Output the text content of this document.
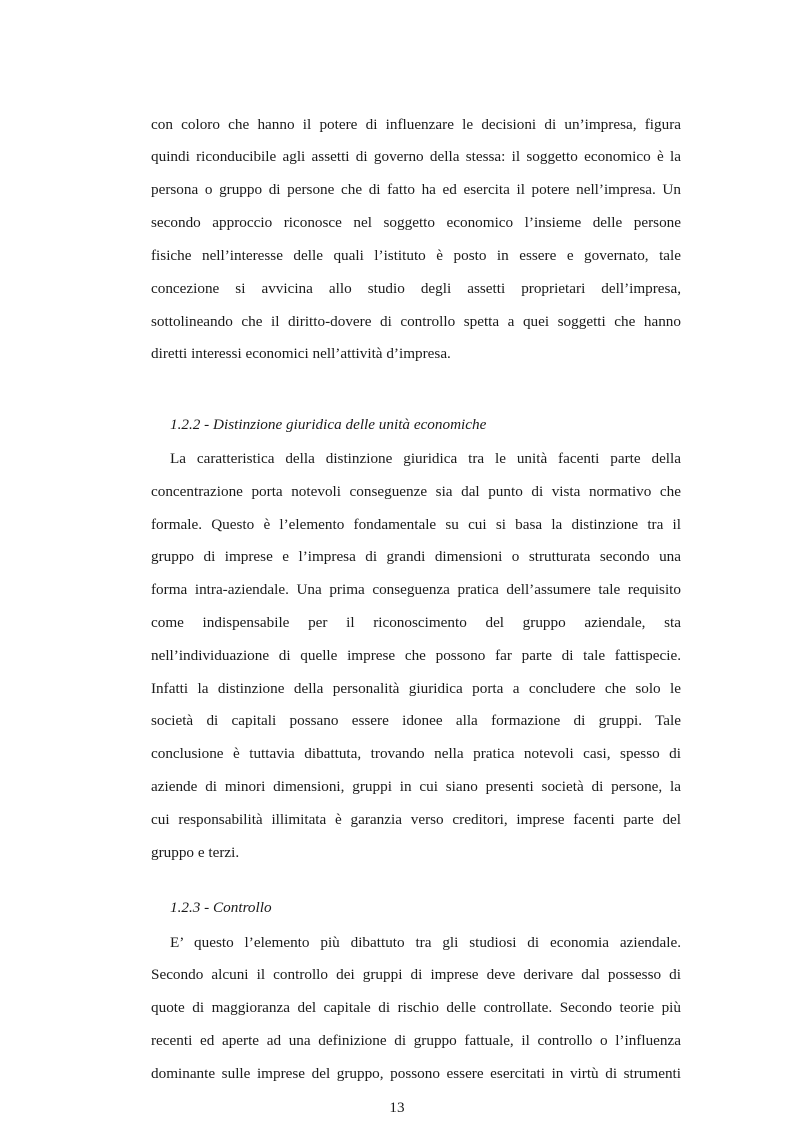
con coloro che hanno il potere di influenzare le decisioni di un’impresa, figura
quindi riconducibile agli assetti di governo della stessa: il soggetto economico è la
persona o gruppo di persone che di fatto ha ed esercita il potere nell’impresa. Un
secondo approccio riconosce nel soggetto economico l’insieme delle persone
fisiche nell’interesse delle quali l’istituto è posto in essere e governato, tale
concezione si avvicina allo studio degli assetti proprietari dell’impresa,
sottolineando che il diritto-dovere di controllo spetta a quei soggetti che hanno
diretti interessi economici nell’attività d’impresa.
1.2.2 - Distinzione giuridica delle unità economiche
La caratteristica della distinzione giuridica tra le unità facenti parte della
concentrazione porta notevoli conseguenze sia dal punto di vista normativo che
formale. Questo è l’elemento fondamentale su cui si basa la distinzione tra il
gruppo di imprese e l’impresa di grandi dimensioni o strutturata secondo una
forma intra-aziendale. Una prima conseguenza pratica dell’assumere tale requisito
come indispensabile per il riconoscimento del gruppo aziendale, sta
nell’individuazione di quelle imprese che possono far parte di tale fattispecie.
Infatti la distinzione della personalità giuridica porta a concludere che solo le
società di capitali possano essere idonee alla formazione di gruppi. Tale
conclusione è tuttavia dibattuta, trovando nella pratica notevoli casi, spesso di
aziende di minori dimensioni, gruppi in cui siano presenti società di persone, la
cui responsabilità illimitata è garanzia verso creditori, imprese facenti parte del
gruppo e terzi.
1.2.3 - Controllo
E’ questo l’elemento più dibattuto tra gli studiosi di economia aziendale.
Secondo alcuni il controllo dei gruppi di imprese deve derivare dal possesso di
quote di maggioranza del capitale di rischio delle controllate. Secondo teorie più
recenti ed aperte ad una definizione di gruppo fattuale, il controllo o l’influenza
dominante sulle imprese del gruppo, possono essere esercitati in virtù di strumenti
13
